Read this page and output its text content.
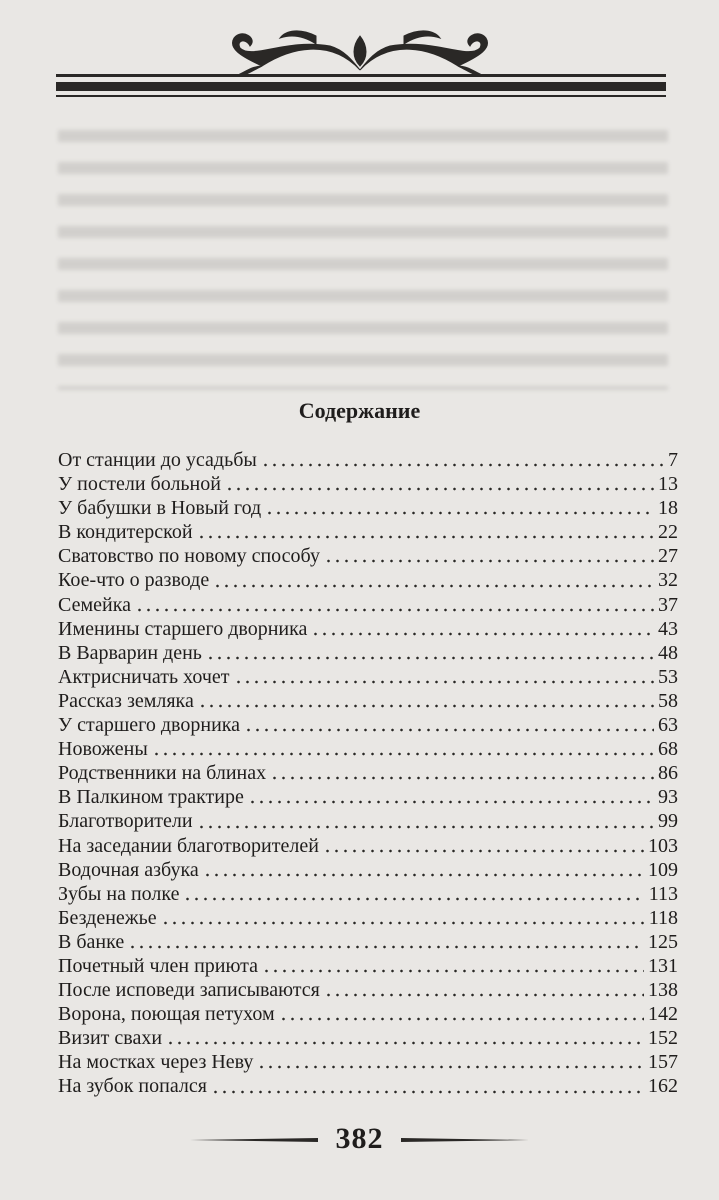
Содержание
От станции до усадьбы	7
У постели больной	13
У бабушки в Новый год	18
В кондитерской	22
Сватовство по новому способу	27
Кое-что о разводе	32
Семейка	37
Именины старшего дворника	43
В Варварин день	48
Актрисничать хочет	53
Рассказ земляка	58
У старшего дворника	63
Новожены	68
Родственники на блинах	86
В Палкином трактире	93
Благотворители	99
На заседании благотворителей	103
Водочная азбука	109
Зубы на полке	113
Безденежье	118
В банке	125
Почетный член приюта	131
После исповеди записываются	138
Ворона, поющая петухом	142
Визит свахи	152
На мостках через Неву	157
На зубок попался	162
382
